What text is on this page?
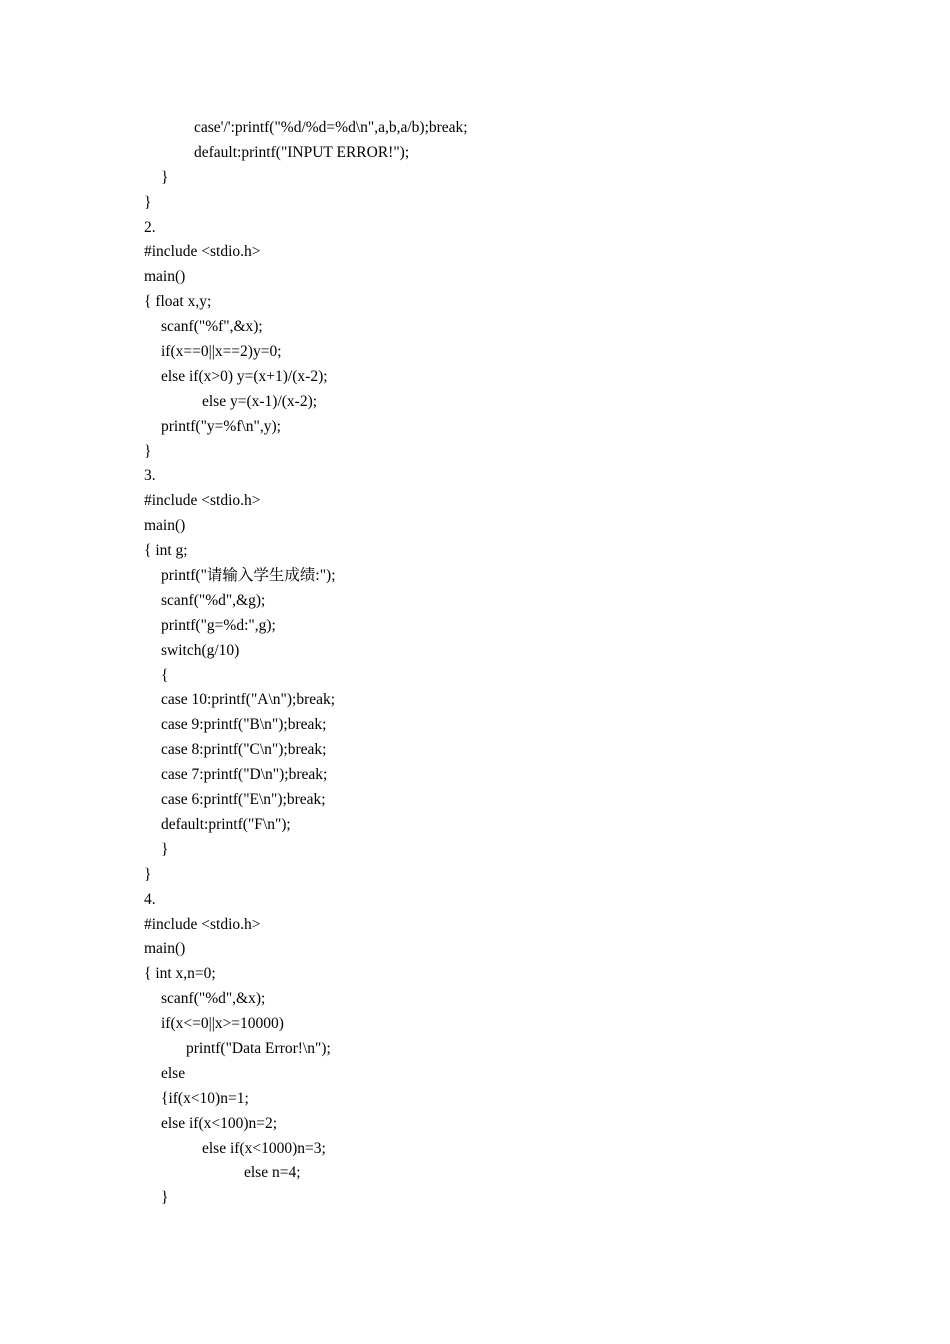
case'/':printf("%d/%d=%d\n",a,b,a/b);break;
default:printf("INPUT ERROR!");
}
}
2.
#include <stdio.h>
main()
{ float x,y;
scanf("%f",&x);
if(x==0||x==2)y=0;
else if(x>0) y=(x+1)/(x-2);
else y=(x-1)/(x-2);
printf("y=%f\n",y);
}
3.
#include <stdio.h>
main()
{ int g;
printf("请输入学生成绩:");
scanf("%d",&g);
printf("g=%d:",g);
switch(g/10)
{
case 10:printf("A\n");break;
case 9:printf("B\n");break;
case 8:printf("C\n");break;
case 7:printf("D\n");break;
case 6:printf("E\n");break;
default:printf("F\n");
}
}
4.
#include <stdio.h>
main()
{ int x,n=0;
scanf("%d",&x);
if(x<=0||x>=10000)
printf("Data Error!\n");
else
{if(x<10)n=1;
else if(x<100)n=2;
else if(x<1000)n=3;
else n=4;
}
